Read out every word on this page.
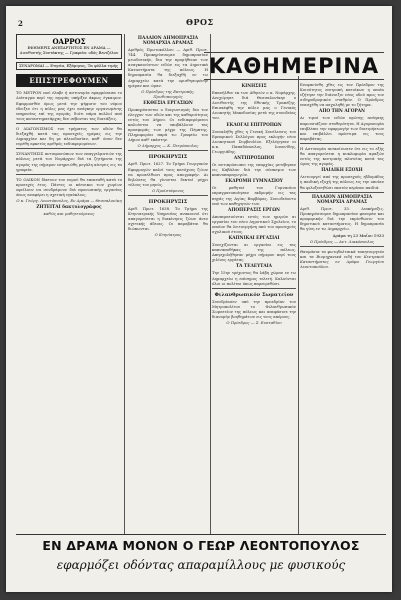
2	ΘΡΟΣ
ΟΑΡΡΟΣ
ΕΦΗΜΕΡΙΣ ΑΝΕΞΑΡΤΗΤΟΣ ΕΝ ΔΡΑΜΑ — Διευθυντής Συντάκτης — Γραφεία: οδός Βενιζέλου
ΣΥΝΔΡΟΜΑΙ — Ετησία, Εξάμηνος, Τα φύλλα τιμής
ΕΠΙΣΤΡΕΦΟΥΜΕΝ
ΤΟ ΜΕΤΡΟΝ πού έλαβε ή αστυνομία εφαρμόσασα το Διάταγμα περί της αγοράς υπήρξεν άκρως έγκαιρον. Εφαρμοσθέν όμως μετά την ψήφισιν του νόμου έδειξεν ότι η πόλις μας έχει ανάγκην οργανωμένης υπηρεσίας επί της αγοράς, διότι πάρα πολλοί από τους καταστηματάρχας δεν σέβονται τας διατάξεις.
Ο ΔΙΑΓΩΝΙΣΜΟΣ του τμήματος των οδών θα διεξαχθή κατά τας προσεχείς ημέρας εις την Δημαρχίαν και δη με πλειοδοσίαν, καθ' όσον δεν ευρέθη αρκετός αριθμός ενδιαφερομένων.
ΣΥΝΑΝΤΗΣΙΣ αντιπροσώπων των επαγγελματιών της πόλεως μετά του Νομάρχου διά τα ζητήματα της αγοράς της σήμερον εσημειώθη μεγάλη κίνησις εις τα γραφεία.
ΤΟ ΟΔΙΚΟΝ δίκτυον του νομού θα επεκταθή κατά το προσεχές έτος. Πάντες οι κάτοικοι των χωρίων οφείλουν να συνδράμουν διά προσωπικής εργασίας όπως αναφέρει η σχετική εγκύκλιος.
Ο κ. Γεώργ. Λεοντόπουλος, Εν Δράμα — Θεσσαλονίκη
ΖΗΤΕΙΤΑΙ δακτυλογράφος
καθώς και μαθητευόμενος
ΠΑΛΑΙΟΝ ΔΗΜΟΠΡΑΣΙΑ ΝΟΜΑΡΧΙΑ ΔΡΑΜΑΣ
Αριθμός Πρωτοκόλλου — Αριθ. Πρωτ. 744. Προκηρύσσομεν δημοπρασίαν μειοδοτικήν, δια την προμήθειαν των αναγκαιούντων ειδών εις τα Δημοτικά Καταστήματα της πόλεως. Η δημοπρασία θα διεξαχθή εν τω Δημαρχείω κατά την ορισθησομένην ημέραν και ώραν.
Ο Πρόεδρος της Επιτροπής, Πρωθυπουργός
ΕΚΘΕΣΙΑ ΕΡΓΑΣΙΩΝ
Προκηρύσσεται ο διαγωνισμός δια τον έλεγχον των οδών και της καθαριότητος εντός του Δήμου. Οι ενδιαφερόμενοι καλούνται να υποβάλλουν τας προσφοράς των μέχρι της Πέμπτης. Πληροφορίαι παρά τω Γραφείω του Δήμου καθ' εκάστην.
Ο Δήμαρχος — Κ. Πετρόπουλος
ΠΡΟΚΗΡΥΞΙΣ
Αριθ. Πρωτ. 1627. Το Τμήμα Γεωργικών Εφαρμογών καλεί τους κατόχους ζώων να προσέλθωσι προς απογραφήν. Αι δηλώσεις θα γίνονται δεκταί μέχρι τέλους του μηνός.
Ο Προϊστάμενος
ΠΡΟΚΗΡΥΞΙΣ
Αριθ. Πρωτ. 1638. Το Τμήμα της Κτηνιατρικής Υπηρεσίας ανακοινοί ότι απαγορεύεται η διακίνησις ζώων άνευ σχετικής άδειας. Οι παραβάται θα διώκωνται.
Ο Κτηνίατρος
ΚΑΘΗΜΕΡΙΝΑ
ΚΙΝΗΣΕΙΣ
Επανήλθεν εκ των Αθηνών ο κ. Νομάρχης. Ανεχώρησε διά Θεσσαλονίκην ο Διευθυντής της Εθνικής Τραπέζης. Επισκέφθη την πόλιν μας ο Γενικός Διοικητής Μακεδονίας μετά της συνοδείας του.
ΕΚΛΟΓΑΙ ΕΠΙΤΡΟΠΩΝ
Συνεκλήθη χθες η Γενική Συνέλευσις του Εμπορικού Συλλόγου προς εκλογήν νέου Διοικητικού Συμβουλίου. Εξελέγησαν οι κ.κ. Παπαδόπουλος, Ιωαννίδης, Γεωργιάδης.
ΑΝΤΙΠΡΟΣΩΠΟΙ
Οι αντιπρόσωποι της επαρχίας μετέβησαν εις Καβάλαν διά την σύσκεψιν των καπνοπαραγωγών.
ΕΚΔΡΟΜΗ ΓΥΜΝΑΣΙΟΥ
Οι μαθηταί του Γυμνασίου επραγματοποίησαν εκδρομήν εις τας πηγάς της Αγίας Βαρβάρας. Συνωδεύοντο υπό των καθηγητών των.
ΑΠΟΠΕΡΑΣΙΣ ΕΡΓΩΝ
Αποπερατούνται εντός των ημερών αι εργασίαι του νέου Δημοτικού Σχολείου, το οποίον θα λειτουργήση από του προσεχούς σχολικού έτους.
ΚΑΠΝΙΚΑΙ ΕΡΓΑΣΙΑΙ
Συνεχίζονται αι εργασίαι εις τας καπναποθήκας της πόλεως. Απησχολήθησαν μέχρι σήμερον περί τους χιλίους εργάτας.
ΤΑ ΤΕΛΕΥΤΑΙΑ
Την 15ην τρέχοντος θα λάβη χώραν εν τω Δημαρχείω η επίσημος τελετή. Καλούνται όλοι οι πολίται όπως παρευρεθώσι.
Φιλανθρωπικόν Σωματείον
Συνεδρίασεν υπό την προεδρίαν του Μητροπολίτου το Φιλανθρωπικόν Σωματείον της πόλεως και απεφάσισε την διανομήν βοηθημάτων εις τους απόρους.
Ο Πρόεδρος — Σ. Ευσταθίου
Ενεφανίσθη χθες εις τον Πρόεδρον της Κοινότητος επιτροπή κατοίκων η οποία εζήτησε την διάνοιξιν νέας οδού προς τον σιδηροδρομικόν σταθμόν. Ο Πρόεδρος υπεσχέθη να ασχοληθή με το ζήτημα.
ΑΠΟ ΤΗΝ ΑΓΟΡΑΝ
Αι τιμαί των ειδών πρώτης ανάγκης παρουσιάζουν σταθερότητα. Η Αγορανομία επιβλέπει την εφαρμογήν των διατιμήσεων και επιβάλλει πρόστιμα εις τους παραβάτας.
Η Αστυνομία ανεκοίνωσεν ότι εις το εξής θα απαγορεύεται η κυκλοφορία αμαξών εντός της κεντρικής πλατείας κατά τας ώρας της αγοράς.
ΠΑΙΔΙΚΗ ΕΞΟΧΗ
Λειτουργεί από της προσεχούς εβδομάδος η παιδική εξοχή της πόλεως εις την οποίαν θα φιλοξενηθώσι εκατόν περίπου παιδιά.
ΠΑΛΑΙΟΝ ΔΗΜΟΠΡΑΣΙΑ ΝΟΜΑΡΧΙΑ ΔΡΑΜΑΣ
Αριθ. Πρωτ. 33. Διακήρυξις. Προκηρύσσομεν δημοπρασίαν φανεράν και προφορικήν διά την εκμίσθωσιν του δημοτικού καταστήματος. Η δημοπρασία θα γίνη εν τω Δημαρχείω.
Δράμα τη 23 Μαΐου 1933
Ο Πρόεδρος — Αντ. Λιακόπουλος
Θαυμάσια τα φωτοβολταικά ταπητουργεία και τα Βιομηχανικά ειδή του Κεντρικού Καταστήματος εν Δράμα Γεωργίου Λεοντοπούλου.
ΕΝ ΔΡΑΜΑ ΜΟΝΟΝ Ο ΓΕΩΡ ΛΕΟΝΤΟΠΟΥΛΟΣ
εφαρμόζει οδόντας απαραμίλλους με φυσικούς
